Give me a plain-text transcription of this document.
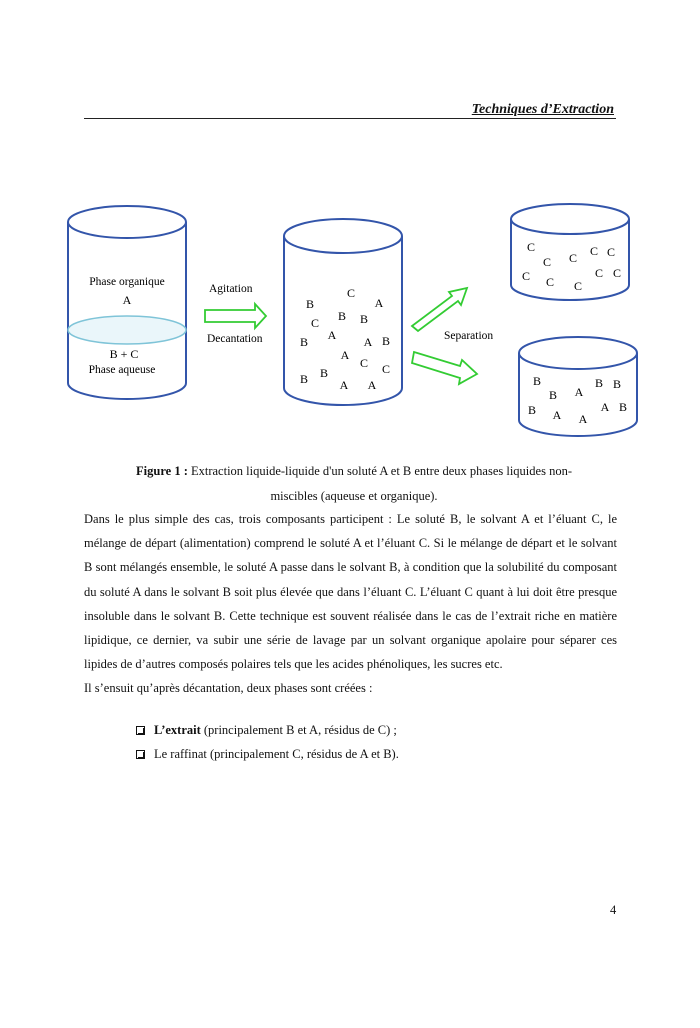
Techniques d’Extraction
Phase organique
A
B + C
Phase aqueuse
Agitation
Decantation
C
B	A
C B B
A
B	A B
A
C C
B B
A A
Separation
C
C C C C
C C C
C C
B
B A
B B
B A A
A B
Figure 1 : Extraction liquide-liquide d'un soluté A et B entre deux phases liquides non-
miscibles (aqueuse et organique).

Dans le plus simple des cas, trois composants participent : Le soluté B, le solvant A et l’éluant C, le mélange de départ (alimentation) comprend le soluté A et l’éluant C. Si le mélange de départ et le solvant B sont mélangés ensemble, le soluté A passe dans le solvant B, à condition que la solubilité du composant du soluté A dans le solvant B soit plus élevée que dans l’éluant C. L’éluant C quant à lui doit être presque insoluble dans le solvant B. Cette technique est souvent réalisée dans le cas de l’extrait riche en matière lipidique, ce dernier, va subir une série de lavage par un solvant organique apolaire pour séparer ces lipides de d’autres composés polaires tels que les acides phénoliques, les sucres etc.

Il s’ensuit qu’après décantation, deux phases sont créées :

L’extrait (principalement B et A, résidus de C) ;
Le raffinat (principalement C, résidus de A et B).
4
